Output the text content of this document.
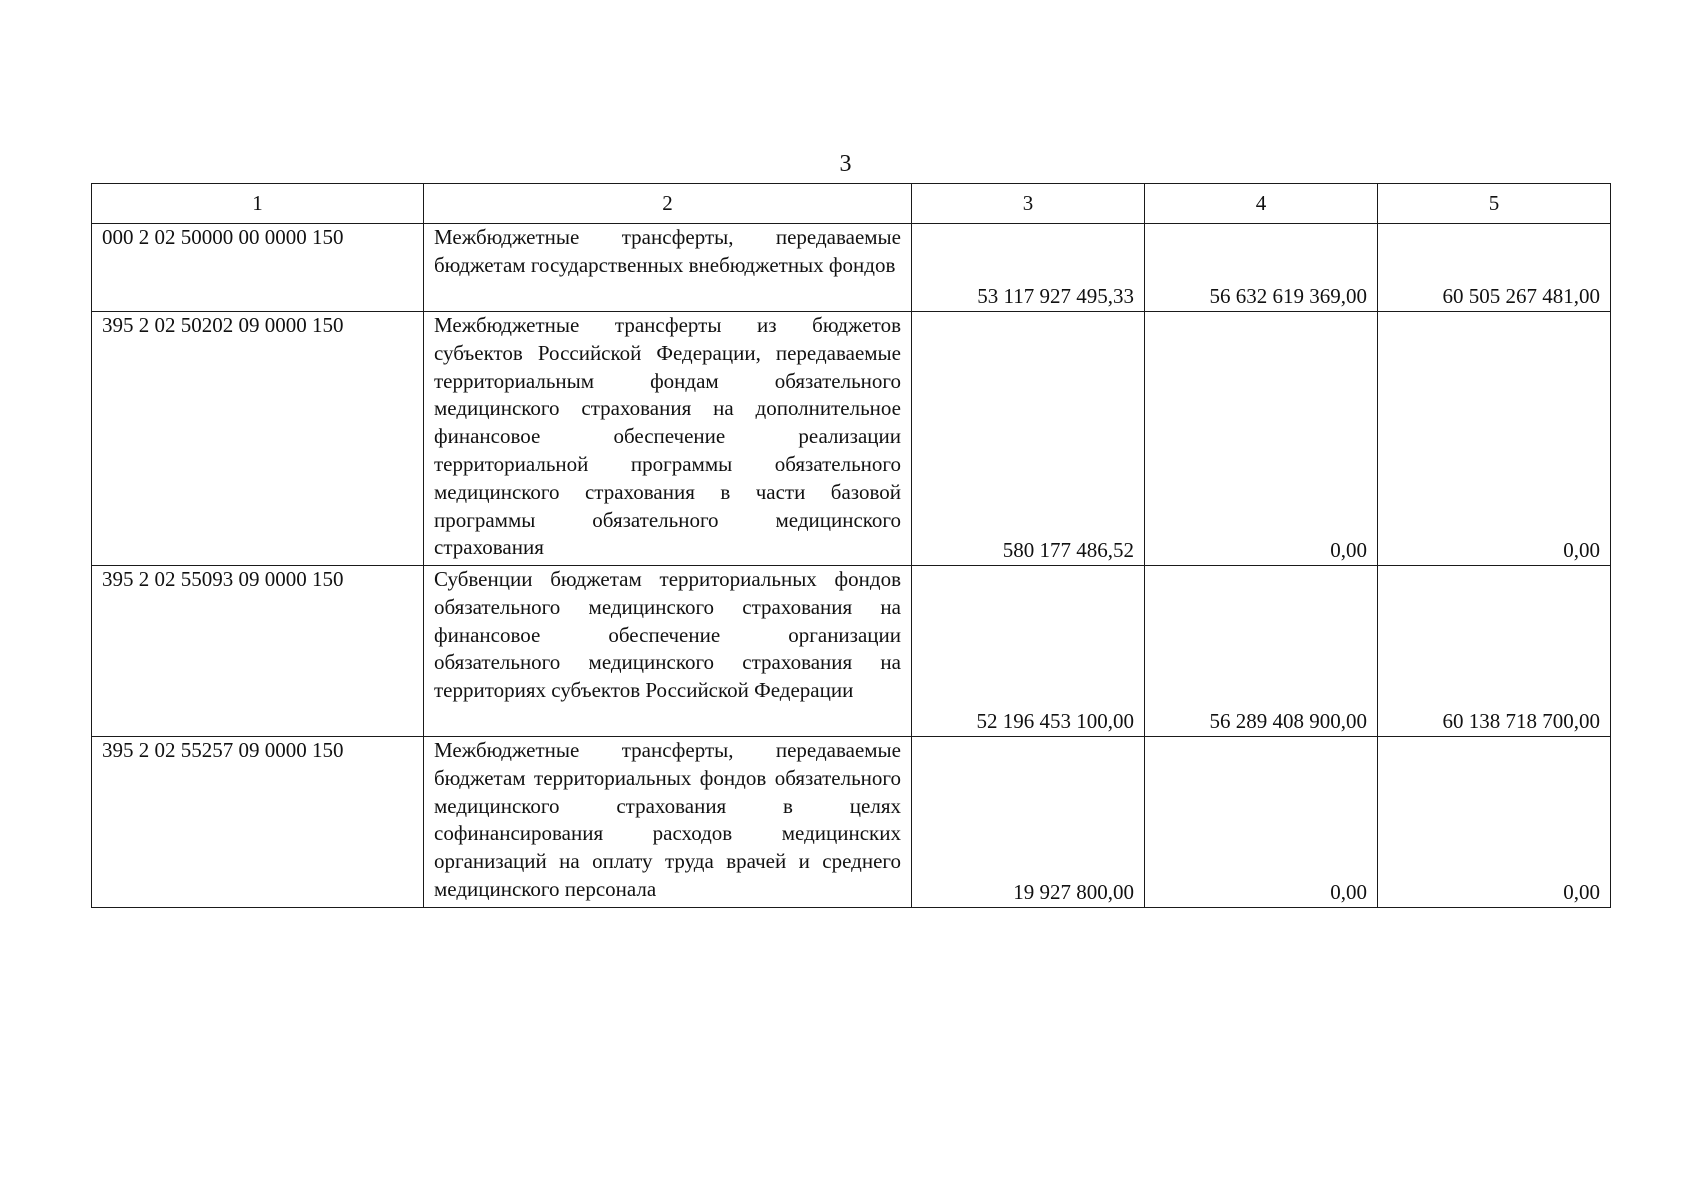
3
1	2	3	4	5
000 2 02 50000 00 0000 150	Межбюджетные трансферты, передаваемые бюджетам государственных внебюджетных фондов	53 117 927 495,33	56 632 619 369,00	60 505 267 481,00
395 2 02 50202 09 0000 150	Межбюджетные трансферты из бюджетов субъектов Российской Федерации, передаваемые территориальным фондам обязательного медицинского страхования на дополнительное финансовое обеспечение реализации территориальной программы обязательного медицинского страхования в части базовой программы обязательного медицинского страхования	580 177 486,52	0,00	0,00
395 2 02 55093 09 0000 150	Субвенции бюджетам территориальных фондов обязательного медицинского страхования на финансовое обеспечение организации обязательного медицинского страхования на территориях субъектов Российской Федерации	52 196 453 100,00	56 289 408 900,00	60 138 718 700,00
395 2 02 55257 09 0000 150	Межбюджетные трансферты, передаваемые бюджетам территориальных фондов обязательного медицинского страхования в целях софинансирования расходов медицинских организаций на оплату труда врачей и среднего медицинского персонала	19 927 800,00	0,00	0,00
